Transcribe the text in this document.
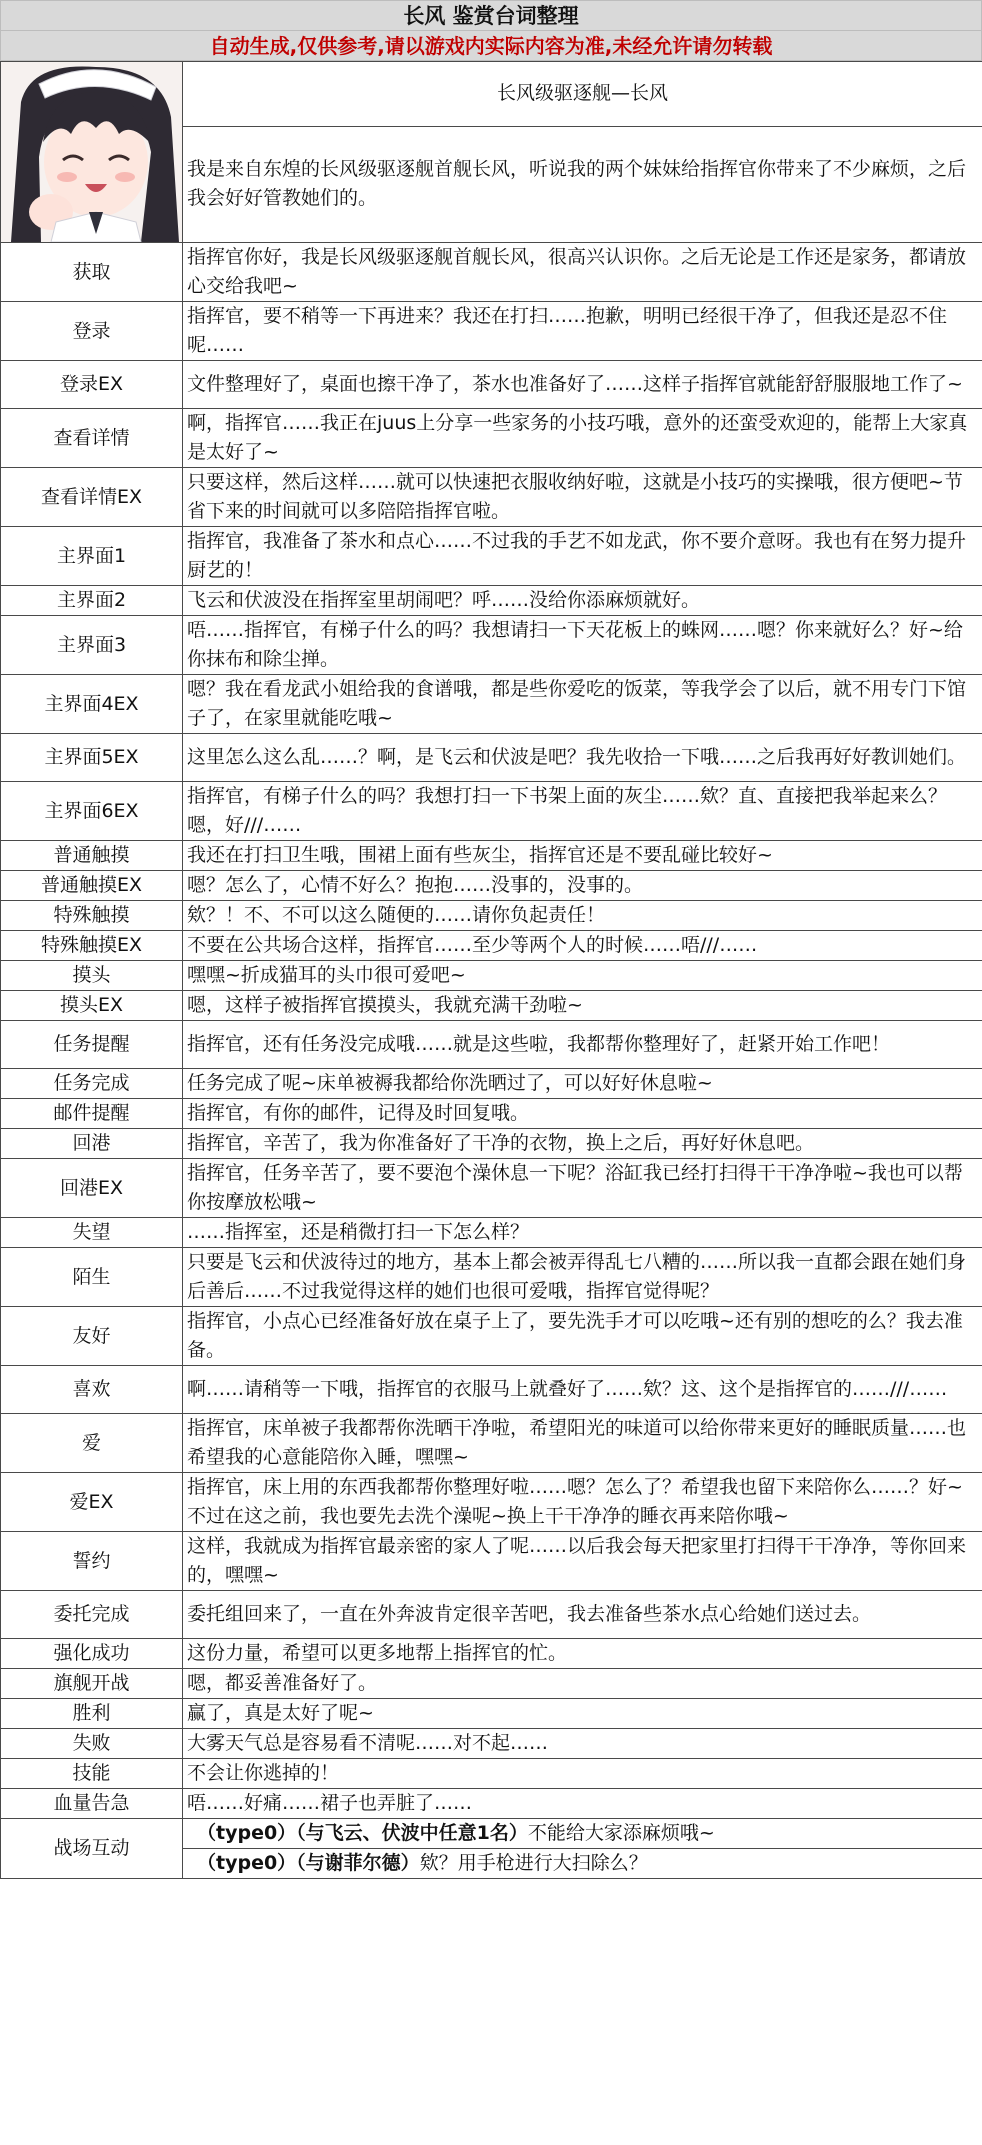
长风 鉴赏台词整理
自动生成,仅供参考,请以游戏内实际内容为准,未经允许请勿转载
	长风级驱逐舰—长风
	我是来自东煌的长风级驱逐舰首舰长风，听说我的两个妹妹给指挥官你带来了不少麻烦，之后我会好好管教她们的。
获取	指挥官你好，我是长风级驱逐舰首舰长风，很高兴认识你。之后无论是工作还是家务，都请放心交给我吧~
登录	指挥官，要不稍等一下再进来？我还在打扫……抱歉，明明已经很干净了，但我还是忍不住呢……
登录EX	文件整理好了，桌面也擦干净了，茶水也准备好了……这样子指挥官就能舒舒服服地工作了~
查看详情	啊，指挥官……我正在juus上分享一些家务的小技巧哦，意外的还蛮受欢迎的，能帮上大家真是太好了~
查看详情EX	只要这样，然后这样……就可以快速把衣服收纳好啦，这就是小技巧的实操哦，很方便吧~节省下来的时间就可以多陪陪指挥官啦。
主界面1	指挥官，我准备了茶水和点心……不过我的手艺不如龙武，你不要介意呀。我也有在努力提升厨艺的！
主界面2	飞云和伏波没在指挥室里胡闹吧？呼……没给你添麻烦就好。
主界面3	唔……指挥官，有梯子什么的吗？我想请扫一下天花板上的蛛网……嗯？你来就好么？好~给你抹布和除尘掸。
主界面4EX	嗯？我在看龙武小姐给我的食谱哦，都是些你爱吃的饭菜，等我学会了以后，就不用专门下馆子了，在家里就能吃哦~
主界面5EX	这里怎么这么乱……？啊，是飞云和伏波是吧？我先收拾一下哦……之后我再好好教训她们。
主界面6EX	指挥官，有梯子什么的吗？我想打扫一下书架上面的灰尘……欸？直、直接把我举起来么？嗯，好///……
普通触摸	我还在打扫卫生哦，围裙上面有些灰尘，指挥官还是不要乱碰比较好~
普通触摸EX	嗯？怎么了，心情不好么？抱抱……没事的，没事的。
特殊触摸	欸？！不、不可以这么随便的……请你负起责任！
特殊触摸EX	不要在公共场合这样，指挥官……至少等两个人的时候……唔///……
摸头	嘿嘿~折成猫耳的头巾很可爱吧~
摸头EX	嗯，这样子被指挥官摸摸头，我就充满干劲啦~
任务提醒	指挥官，还有任务没完成哦……就是这些啦，我都帮你整理好了，赶紧开始工作吧！
任务完成	任务完成了呢~床单被褥我都给你洗晒过了，可以好好休息啦~
邮件提醒	指挥官，有你的邮件，记得及时回复哦。
回港	指挥官，辛苦了，我为你准备好了干净的衣物，换上之后，再好好休息吧。
回港EX	指挥官，任务辛苦了，要不要泡个澡休息一下呢？浴缸我已经打扫得干干净净啦~我也可以帮你按摩放松哦~
失望	……指挥室，还是稍微打扫一下怎么样？
陌生	只要是飞云和伏波待过的地方，基本上都会被弄得乱七八糟的……所以我一直都会跟在她们身后善后……不过我觉得这样的她们也很可爱哦，指挥官觉得呢？
友好	指挥官，小点心已经准备好放在桌子上了，要先洗手才可以吃哦~还有别的想吃的么？我去准备。
喜欢	啊……请稍等一下哦，指挥官的衣服马上就叠好了……欸？这、这个是指挥官的……///……
爱	指挥官，床单被子我都帮你洗晒干净啦，希望阳光的味道可以给你带来更好的睡眠质量……也希望我的心意能陪你入睡，嘿嘿~
爱EX	指挥官，床上用的东西我都帮你整理好啦……嗯？怎么了？希望我也留下来陪你么……？好~不过在这之前，我也要先去洗个澡呢~换上干干净净的睡衣再来陪你哦~
誓约	这样，我就成为指挥官最亲密的家人了呢……以后我会每天把家里打扫得干干净净，等你回来的，嘿嘿~
委托完成	委托组回来了，一直在外奔波肯定很辛苦吧，我去准备些茶水点心给她们送过去。
强化成功	这份力量，希望可以更多地帮上指挥官的忙。
旗舰开战	嗯，都妥善准备好了。
胜利	赢了，真是太好了呢~
失败	大雾天气总是容易看不清呢……对不起……
技能	不会让你逃掉的！
血量告急	唔……好痛……裙子也弄脏了……
战场互动	（type0）（与飞云、伏波中任意1名）不能给大家添麻烦哦~
	（type0）（与谢菲尔德）欸？用手枪进行大扫除么？
